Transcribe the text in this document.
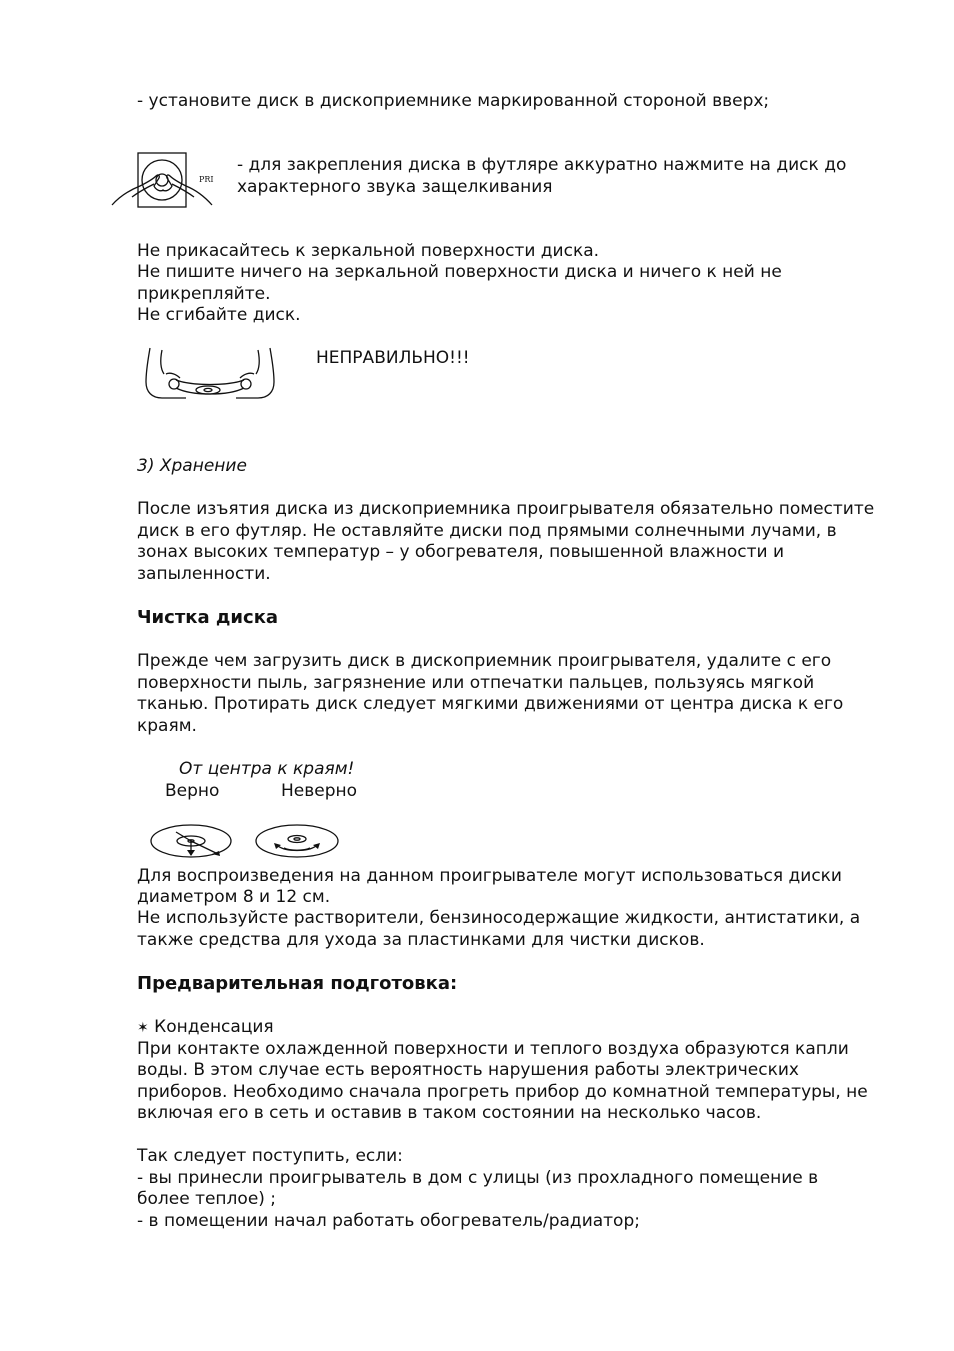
- установите диск в дископриемнике маркированной стороной вверх;

PRI

- для закрепления диска в футляре аккуратно нажмите на диск до

характерного звука защелкивания

Не прикасайтесь к зеркальной поверхности диска.

Не пишите ничего на зеркальной поверхности диска и ничего к ней не

прикрепляйте.

Не сгибайте диск.

НЕПРАВИЛЬНО!!!

3) Хранение

После изъятия диска из дископриемника проигрывателя обязательно поместите

диск в его футляр. Не оставляйте диски под прямыми солнечными лучами, в

зонах высоких температур – у обогревателя, повышенной влажности и

запыленности.

Чистка диска

Прежде чем загрузить диск в дископриемник проигрывателя, удалите с его

поверхности пыль, загрязнение или отпечатки пальцев, пользуясь мягкой

тканью. Протирать диск следует мягкими движениями от центра диска к его

краям.

От центра к краям!

Верно	Неверно

Для воспроизведения на данном проигрывателе могут использоваться диски

диаметром 8 и 12 см.

Не используйсте растворители, бензиносодержащие жидкости, антистатики, а

также средства для ухода за пластинками для чистки дисков.

Предварительная подготовка:

✶ Конденсация

При контакте охлажденной поверхности и теплого воздуха образуются капли

воды. В этом случае есть вероятность нарушения работы электрических

приборов. Необходимо сначала прогреть прибор до комнатной температуры, не

включая его в сеть и оставив в таком состоянии на несколько часов.

Так следует поступить, если:

- вы принесли проигрыватель в дом с улицы (из прохладного помещение в

более теплое) ;

- в помещении начал работать обогреватель/радиатор;
